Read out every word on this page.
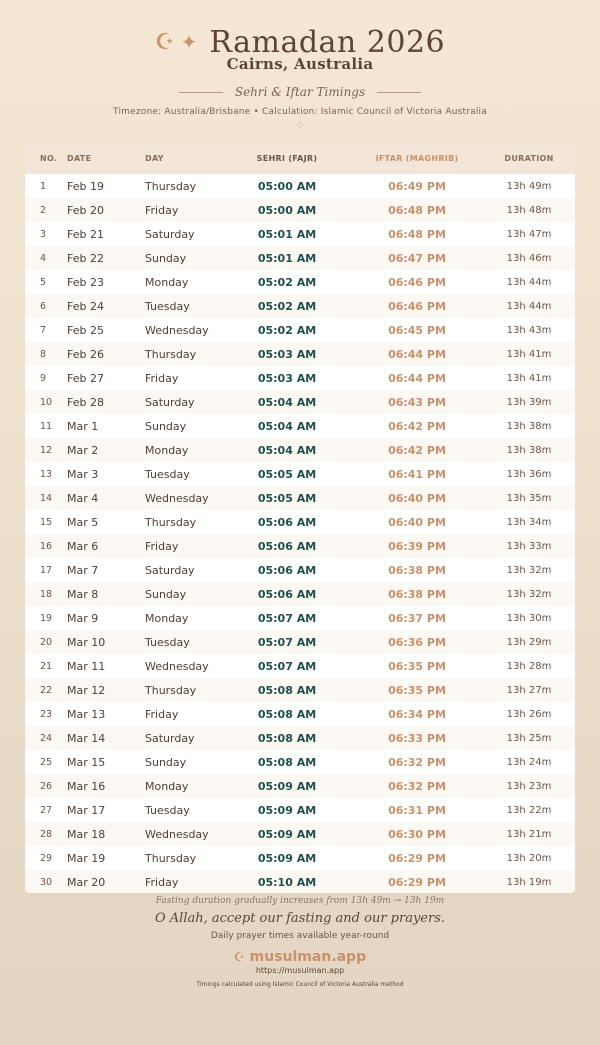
☪ ✦ Ramadan 2026
Cairns, Australia
Sehri & Iftar Timings
Timezone: Australia/Brisbane • Calculation: Islamic Council of Victoria Australia
◇
NO.	DATE	DAY	SEHRI (FAJR)	IFTAR (MAGHRIB)	DURATION
1	Feb 19	Thursday	05:00 AM	06:49 PM	13h 49m
2	Feb 20	Friday	05:00 AM	06:48 PM	13h 48m
3	Feb 21	Saturday	05:01 AM	06:48 PM	13h 47m
4	Feb 22	Sunday	05:01 AM	06:47 PM	13h 46m
5	Feb 23	Monday	05:02 AM	06:46 PM	13h 44m
6	Feb 24	Tuesday	05:02 AM	06:46 PM	13h 44m
7	Feb 25	Wednesday	05:02 AM	06:45 PM	13h 43m
8	Feb 26	Thursday	05:03 AM	06:44 PM	13h 41m
9	Feb 27	Friday	05:03 AM	06:44 PM	13h 41m
10	Feb 28	Saturday	05:04 AM	06:43 PM	13h 39m
11	Mar 1	Sunday	05:04 AM	06:42 PM	13h 38m
12	Mar 2	Monday	05:04 AM	06:42 PM	13h 38m
13	Mar 3	Tuesday	05:05 AM	06:41 PM	13h 36m
14	Mar 4	Wednesday	05:05 AM	06:40 PM	13h 35m
15	Mar 5	Thursday	05:06 AM	06:40 PM	13h 34m
16	Mar 6	Friday	05:06 AM	06:39 PM	13h 33m
17	Mar 7	Saturday	05:06 AM	06:38 PM	13h 32m
18	Mar 8	Sunday	05:06 AM	06:38 PM	13h 32m
19	Mar 9	Monday	05:07 AM	06:37 PM	13h 30m
20	Mar 10	Tuesday	05:07 AM	06:36 PM	13h 29m
21	Mar 11	Wednesday	05:07 AM	06:35 PM	13h 28m
22	Mar 12	Thursday	05:08 AM	06:35 PM	13h 27m
23	Mar 13	Friday	05:08 AM	06:34 PM	13h 26m
24	Mar 14	Saturday	05:08 AM	06:33 PM	13h 25m
25	Mar 15	Sunday	05:08 AM	06:32 PM	13h 24m
26	Mar 16	Monday	05:09 AM	06:32 PM	13h 23m
27	Mar 17	Tuesday	05:09 AM	06:31 PM	13h 22m
28	Mar 18	Wednesday	05:09 AM	06:30 PM	13h 21m
29	Mar 19	Thursday	05:09 AM	06:29 PM	13h 20m
30	Mar 20	Friday	05:10 AM	06:29 PM	13h 19m
Fasting duration gradually increases from 13h 49m → 13h 19m
O Allah, accept our fasting and our prayers.
Daily prayer times available year-round
☪ musulman.app
https://musulman.app
Timings calculated using Islamic Council of Victoria Australia method
